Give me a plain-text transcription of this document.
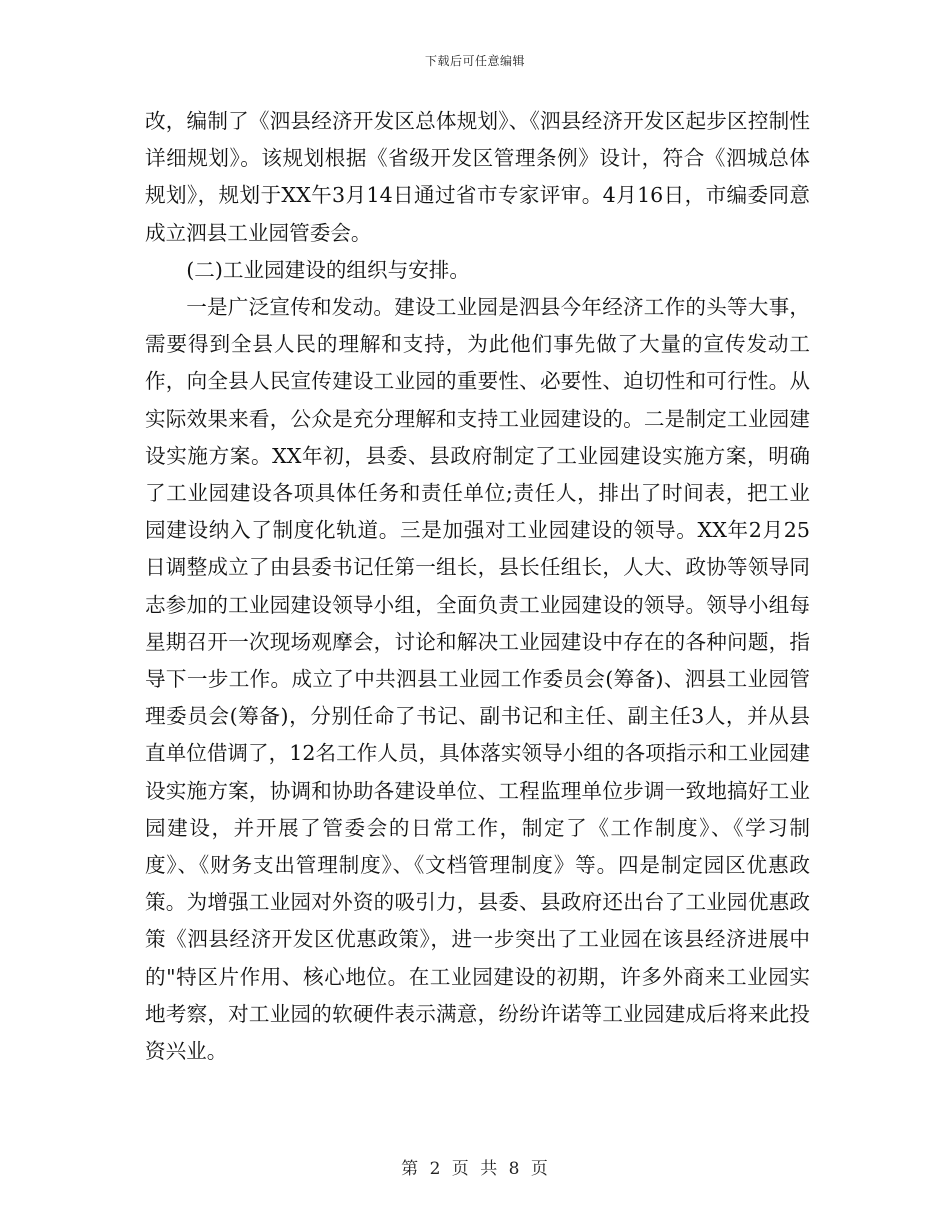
下载后可任意编辑

改，编制了《泗县经济开发区总体规划》、《泗县经济开发区起步区控制性详细规划》。该规划根据《省级开发区管理条例》设计，符合《泗城总体规划》，规划于XX午3月14日通过省市专家评审。4月16日，市编委同意成立泗县工业园管委会。

(二)工业园建设的组织与安排。

一是广泛宣传和发动。建设工业园是泗县今年经济工作的头等大事，需要得到全县人民的理解和支持，为此他们事先做了大量的宣传发动工作，向全县人民宣传建设工业园的重要性、必要性、迫切性和可行性。从实际效果来看，公众是充分理解和支持工业园建设的。二是制定工业园建设实施方案。XX年初，县委、县政府制定了工业园建设实施方案，明确了工业园建设各项具体任务和责任单位;责任人，排出了时间表，把工业园建设纳入了制度化轨道。三是加强对工业园建设的领导。XX年2月25日调整成立了由县委书记任第一组长，县长任组长，人大、政协等领导同志参加的工业园建设领导小组，全面负责工业园建设的领导。领导小组每星期召开一次现场观摩会，讨论和解决工业园建设中存在的各种问题，指导下一步工作。成立了中共泗县工业园工作委员会(筹备)、泗县工业园管理委员会(筹备)，分别任命了书记、副书记和主任、副主任3人，并从县直单位借调了，12名工作人员，具体落实领导小组的各项指示和工业园建设实施方案，协调和协助各建设单位、工程监理单位步调一致地搞好工业园建设，并开展了管委会的日常工作，制定了《工作制度》、《学习制度》、《财务支出管理制度》、《文档管理制度》等。四是制定园区优惠政策。为增强工业园对外资的吸引力，县委、县政府还出台了工业园优惠政策《泗县经济开发区优惠政策》，进一步突出了工业园在该县经济进展中的"特区片作用、核心地位。在工业园建设的初期，许多外商来工业园实地考察，对工业园的软硬件表示满意，纷纷许诺等工业园建成后将来此投资兴业。

第 2 页 共 8 页
